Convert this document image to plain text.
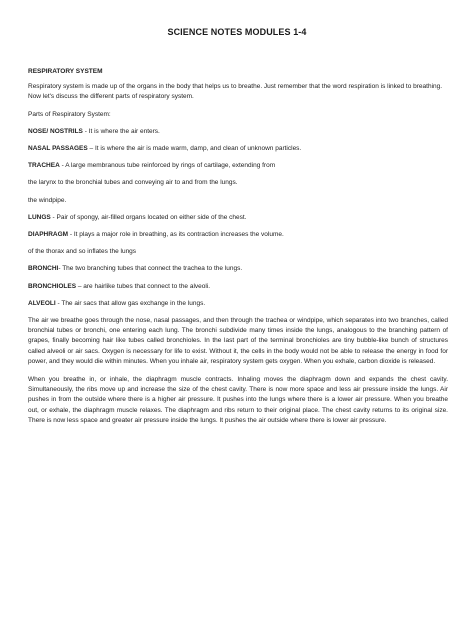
SCIENCE NOTES MODULES 1-4

RESPIRATORY SYSTEM

Respiratory system is made up of the organs in the body that helps us to breathe. Just remember that the word respiration is linked to breathing. Now let's discuss the different parts of respiratory system.

Parts of Respiratory System:

NOSE/ NOSTRILS - It is where the air enters.

NASAL PASSAGES – It is where the air is made warm, damp, and clean of unknown particles.

TRACHEA - A large membranous tube reinforced by rings of cartilage, extending from

the larynx to the bronchial tubes and conveying air to and from the lungs.

the windpipe.

LUNGS - Pair of spongy, air-filled organs located on either side of the chest.

DIAPHRAGM - It plays a major role in breathing, as its contraction increases the volume.

of the thorax and so inflates the lungs

BRONCHI- The two branching tubes that connect the trachea to the lungs.

BRONCHIOLES – are hairlike tubes that connect to the alveoli.

ALVEOLI - The air sacs that allow gas exchange in the lungs.

The air we breathe goes through the nose, nasal passages, and then through the trachea or windpipe, which separates into two branches, called bronchial tubes or bronchi, one entering each lung. The bronchi subdivide many times inside the lungs, analogous to the branching pattern of grapes, finally becoming hair like tubes called bronchioles. In the last part of the terminal bronchioles are tiny bubble-like bunch of structures called alveoli or air sacs. Oxygen is necessary for life to exist. Without it, the cells in the body would not be able to release the energy in food for power, and they would die within minutes. When you inhale air, respiratory system gets oxygen. When you exhale, carbon dioxide is released.

When you breathe in, or inhale, the diaphragm muscle contracts. Inhaling moves the diaphragm down and expands the chest cavity. Simultaneously, the ribs move up and increase the size of the chest cavity. There is now more space and less air pressure inside the lungs. Air pushes in from the outside where there is a higher air pressure. It pushes into the lungs where there is a lower air pressure. When you breathe out, or exhale, the diaphragm muscle relaxes. The diaphragm and ribs return to their original place. The chest cavity returns to its original size. There is now less space and greater air pressure inside the lungs. It pushes the air outside where there is lower air pressure.
